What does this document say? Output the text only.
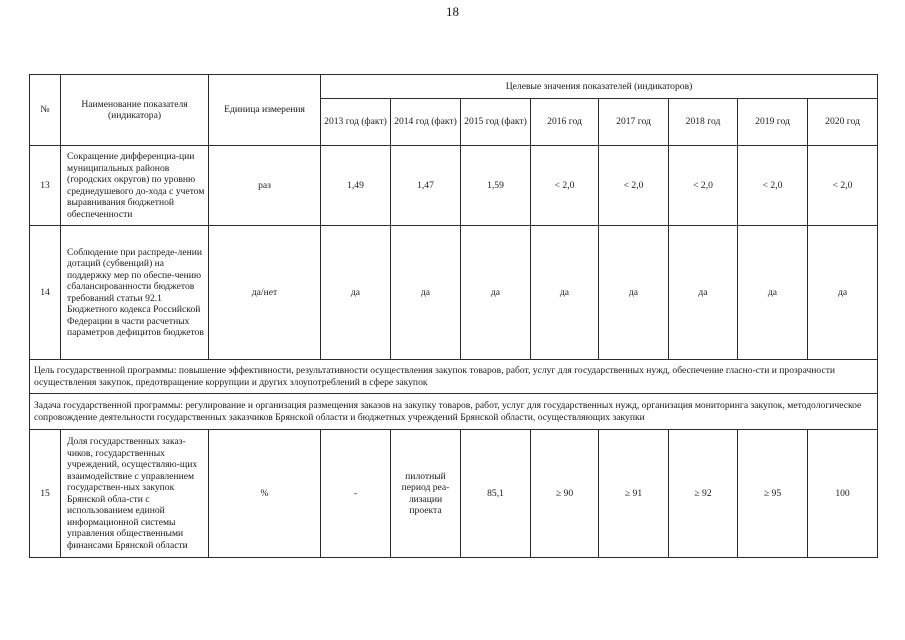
18
№	Наименование показателя (индикатора)	Единица измерения	Целевые значения показателей (индикаторов)							
			2013 год (факт)	2014 год (факт)	2015 год (факт)	2016 год	2017 год	2018 год	2019 год	2020 год
13	Сокращение дифференциа-ции муниципальных районов (городских округов) по уровню среднедушевого до-хода с учетом выравнивания бюджетной обеспеченности	раз	1,49	1,47	1,59	< 2,0	< 2,0	< 2,0	< 2,0	< 2,0
14	Соблюдение при распреде-лении дотаций (субвенций) на поддержку мер по обеспе-чению сбалансированности бюджетов требований статьи 92.1 Бюджетного кодекса Российской Федерации в части расчетных параметров дефицитов бюджетов	да/нет	да	да	да	да	да	да	да	да
Цель государственной программы: повышение эффективности, результативности осуществления закупок товаров, работ, услуг для государственных нужд, обеспечение гласно-сти и прозрачности осуществления закупок, предотвращение коррупции и других злоупотреблений в сфере закупок										
Задача государственной программы: регулирование и организация размещения заказов на закупку товаров, работ, услуг для государственных нужд, организация мониторинга закупок, методологическое сопровождение деятельности государственных заказчиков Брянской области и бюджетных учреждений Брянской области, осуществляющих закупки										
15	Доля государственных заказ-чиков, государственных учреждений, осуществляю-щих взаимодействие с управлением государствен-ных закупок Брянской обла-сти с использованием единой информационной системы управления общественными финансами Брянской области	%	-	пилотный период реа-лизации проекта	85,1	≥ 90	≥ 91	≥ 92	≥ 95	100
